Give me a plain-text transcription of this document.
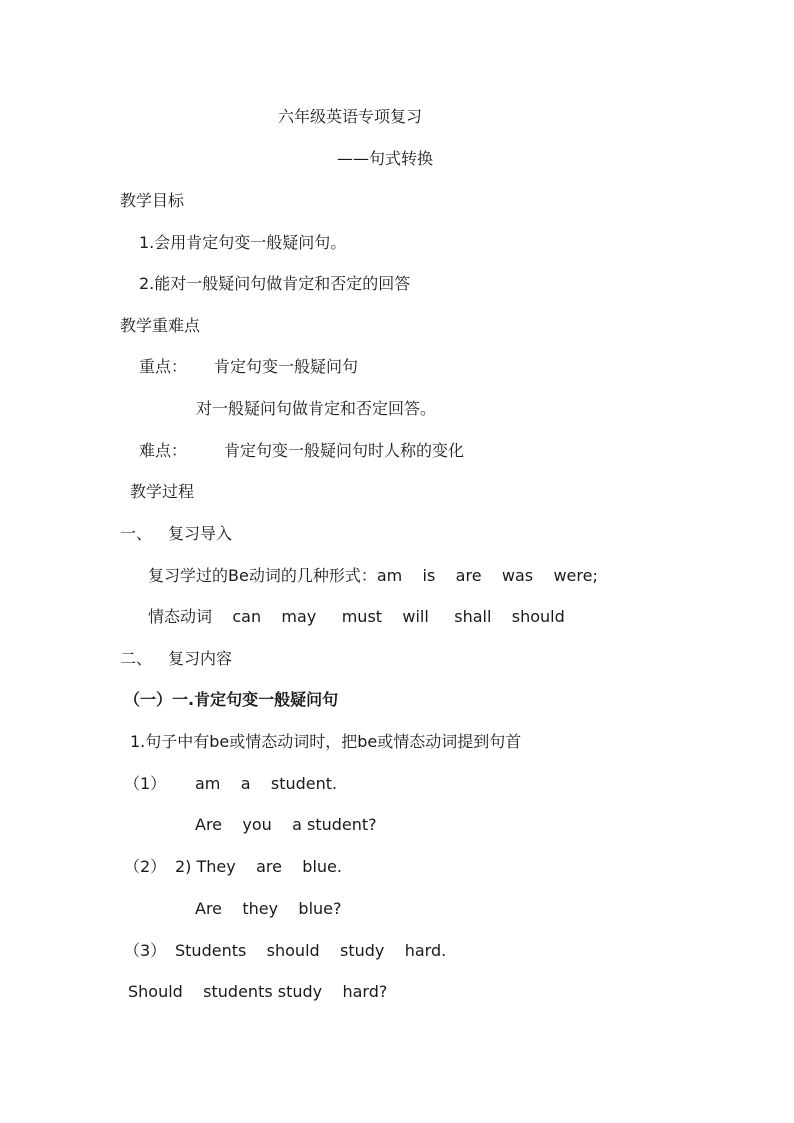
六年级英语专项复习
——句式转换
教学目标
1.会用肯定句变一般疑问句。
2.能对一般疑问句做肯定和否定的回答
教学重难点
重点： 肯定句变一般疑问句
对一般疑问句做肯定和否定回答。
难点： 肯定句变一般疑问句时人称的变化
教学过程
一、 复习导入
复习学过的Be动词的几种形式：am    is    are    was    were;
情态动词    can    may     must    will     shall    should
二、 复习内容
（一）一.肯定句变一般疑问句
1.句子中有be或情态动词时，把be或情态动词提到句首
（1） am    a    student.
Are    you    a student?
（2） 2) They    are    blue.
Are    they    blue?
（3） Students    should    study    hard.
Should    students study    hard?
